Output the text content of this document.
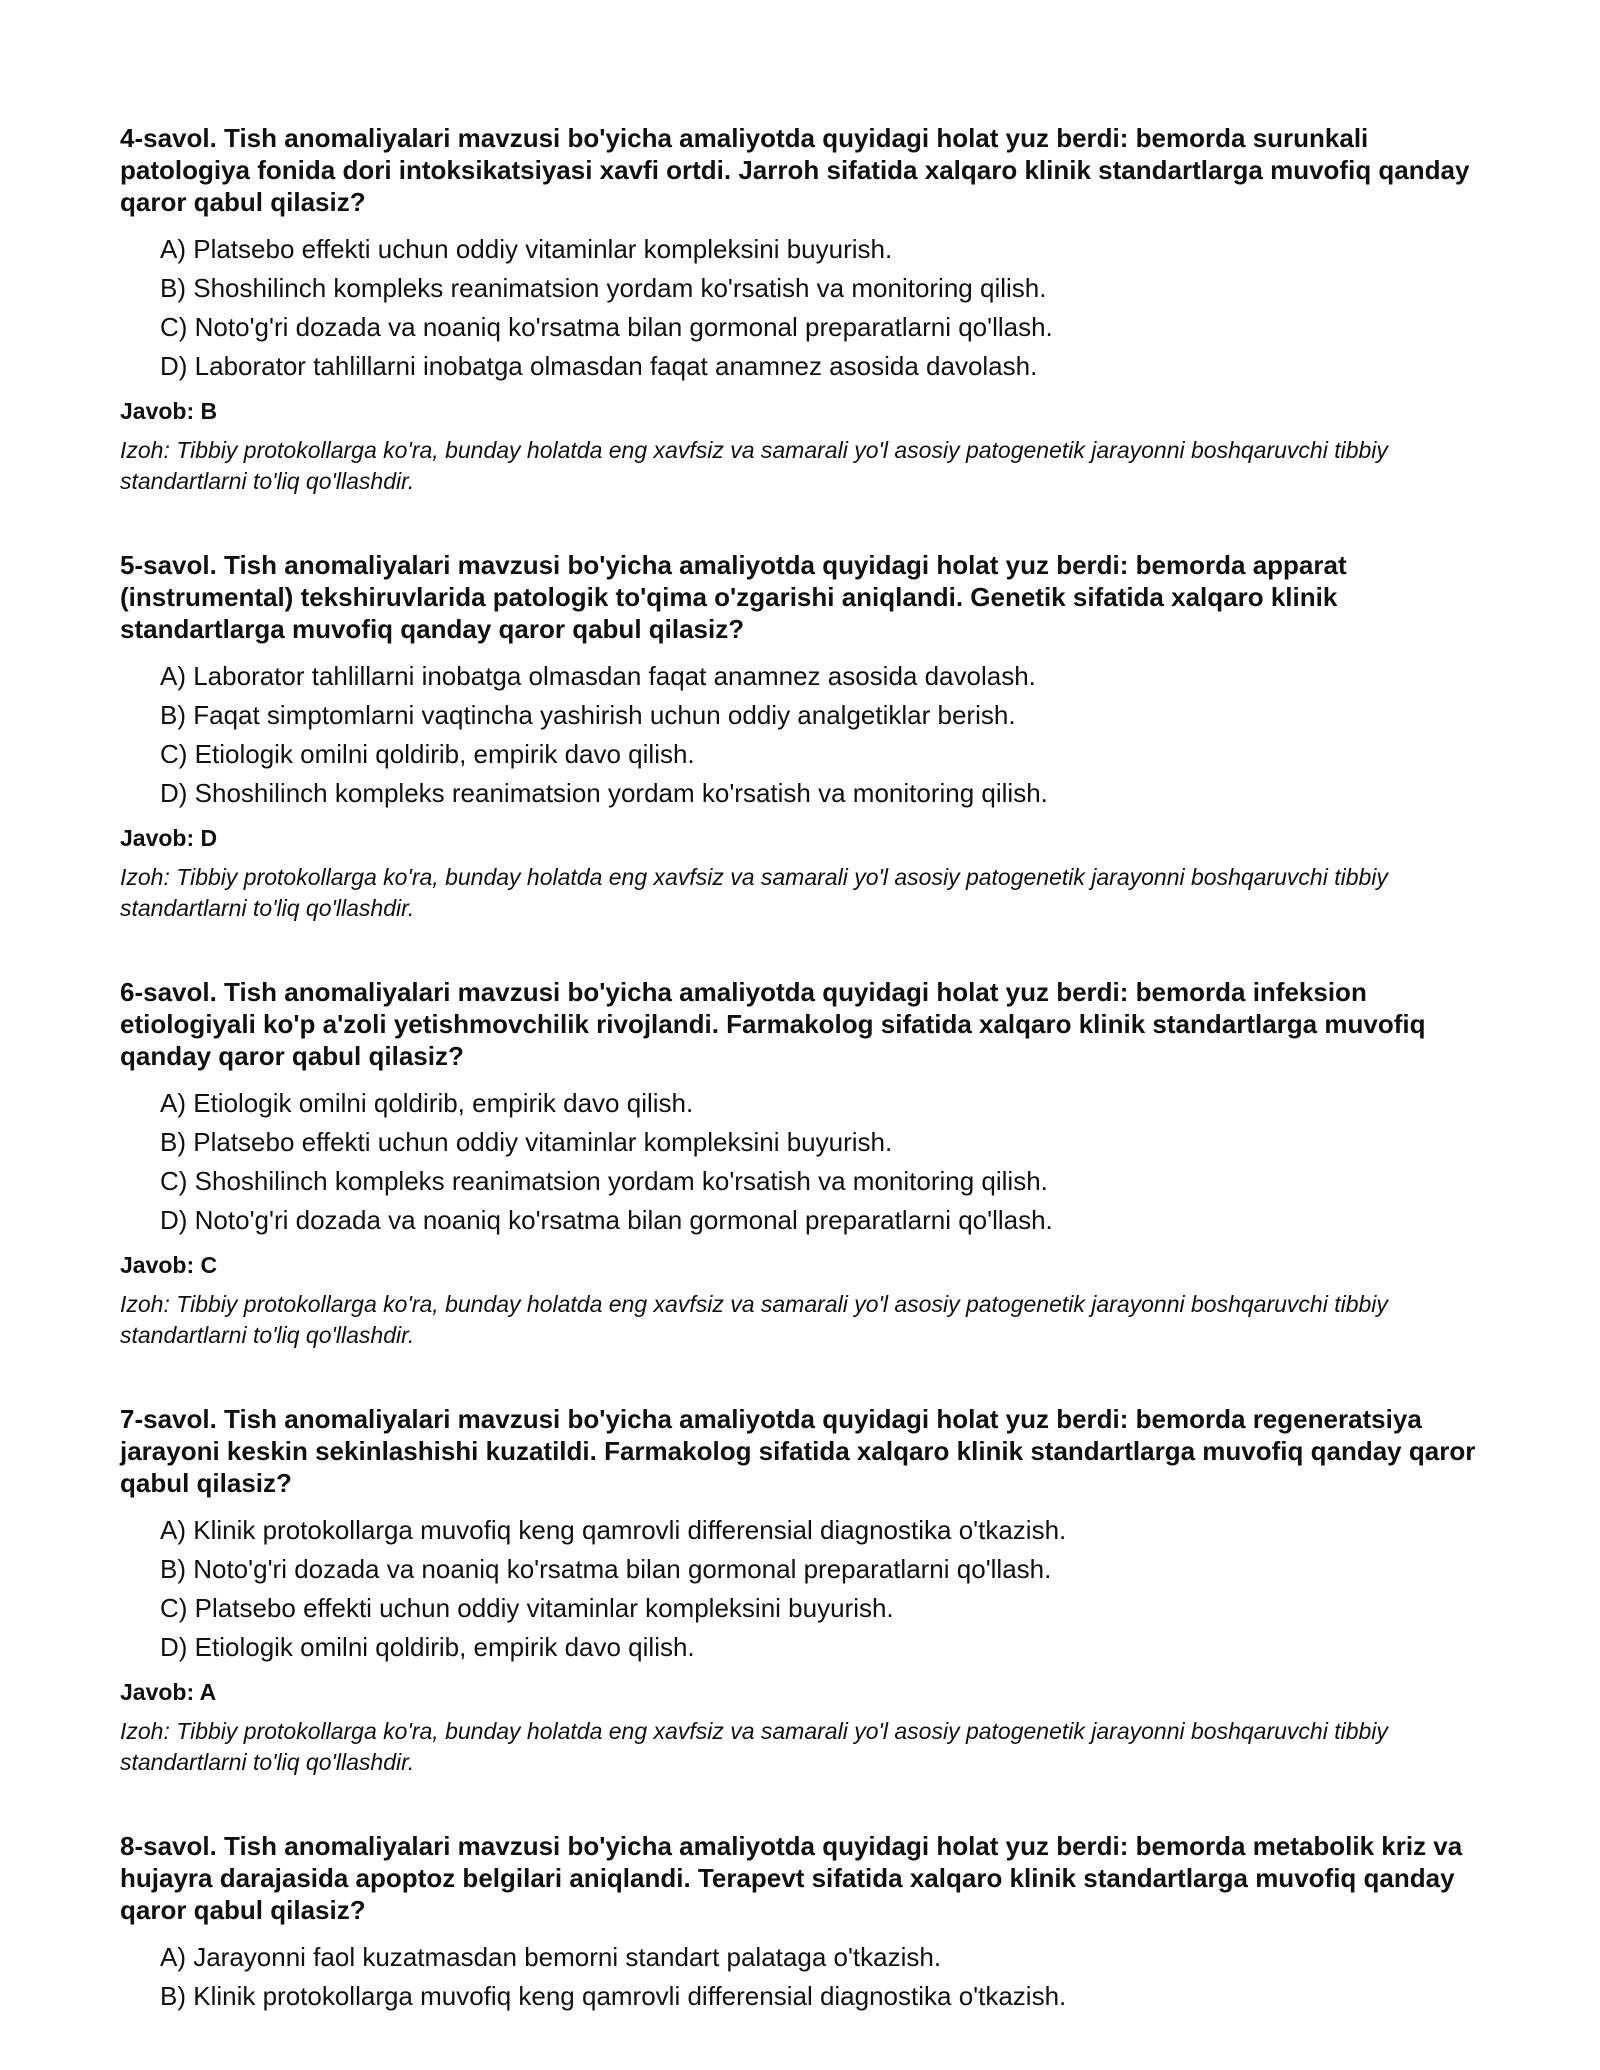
4-savol. Tish anomaliyalari mavzusi bo'yicha amaliyotda quyidagi holat yuz berdi: bemorda surunkali patologiya fonida dori intoksikatsiyasi xavfi ortdi. Jarroh sifatida xalqaro klinik standartlarga muvofiq qanday qaror qabul qilasiz?

A) Platsebo effekti uchun oddiy vitaminlar kompleksini buyurish.
B) Shoshilinch kompleks reanimatsion yordam ko'rsatish va monitoring qilish.
C) Noto'g'ri dozada va noaniq ko'rsatma bilan gormonal preparatlarni qo'llash.
D) Laborator tahlillarni inobatga olmasdan faqat anamnez asosida davolash.

Javob: B

Izoh: Tibbiy protokollarga ko'ra, bunday holatda eng xavfsiz va samarali yo'l asosiy patogenetik jarayonni boshqaruvchi tibbiy standartlarni to'liq qo'llashdir.

5-savol. Tish anomaliyalari mavzusi bo'yicha amaliyotda quyidagi holat yuz berdi: bemorda apparat (instrumental) tekshiruvlarida patologik to'qima o'zgarishi aniqlandi. Genetik sifatida xalqaro klinik standartlarga muvofiq qanday qaror qabul qilasiz?

A) Laborator tahlillarni inobatga olmasdan faqat anamnez asosida davolash.
B) Faqat simptomlarni vaqtincha yashirish uchun oddiy analgetiklar berish.
C) Etiologik omilni qoldirib, empirik davo qilish.
D) Shoshilinch kompleks reanimatsion yordam ko'rsatish va monitoring qilish.

Javob: D

Izoh: Tibbiy protokollarga ko'ra, bunday holatda eng xavfsiz va samarali yo'l asosiy patogenetik jarayonni boshqaruvchi tibbiy standartlarni to'liq qo'llashdir.

6-savol. Tish anomaliyalari mavzusi bo'yicha amaliyotda quyidagi holat yuz berdi: bemorda infeksion etiologiyali ko'p a'zoli yetishmovchilik rivojlandi. Farmakolog sifatida xalqaro klinik standartlarga muvofiq qanday qaror qabul qilasiz?

A) Etiologik omilni qoldirib, empirik davo qilish.
B) Platsebo effekti uchun oddiy vitaminlar kompleksini buyurish.
C) Shoshilinch kompleks reanimatsion yordam ko'rsatish va monitoring qilish.
D) Noto'g'ri dozada va noaniq ko'rsatma bilan gormonal preparatlarni qo'llash.

Javob: C

Izoh: Tibbiy protokollarga ko'ra, bunday holatda eng xavfsiz va samarali yo'l asosiy patogenetik jarayonni boshqaruvchi tibbiy standartlarni to'liq qo'llashdir.

7-savol. Tish anomaliyalari mavzusi bo'yicha amaliyotda quyidagi holat yuz berdi: bemorda regeneratsiya jarayoni keskin sekinlashishi kuzatildi. Farmakolog sifatida xalqaro klinik standartlarga muvofiq qanday qaror qabul qilasiz?

A) Klinik protokollarga muvofiq keng qamrovli differensial diagnostika o'tkazish.
B) Noto'g'ri dozada va noaniq ko'rsatma bilan gormonal preparatlarni qo'llash.
C) Platsebo effekti uchun oddiy vitaminlar kompleksini buyurish.
D) Etiologik omilni qoldirib, empirik davo qilish.

Javob: A

Izoh: Tibbiy protokollarga ko'ra, bunday holatda eng xavfsiz va samarali yo'l asosiy patogenetik jarayonni boshqaruvchi tibbiy standartlarni to'liq qo'llashdir.

8-savol. Tish anomaliyalari mavzusi bo'yicha amaliyotda quyidagi holat yuz berdi: bemorda metabolik kriz va hujayra darajasida apoptoz belgilari aniqlandi. Terapevt sifatida xalqaro klinik standartlarga muvofiq qanday qaror qabul qilasiz?

A) Jarayonni faol kuzatmasdan bemorni standart palataga o'tkazish.
B) Klinik protokollarga muvofiq keng qamrovli differensial diagnostika o'tkazish.
